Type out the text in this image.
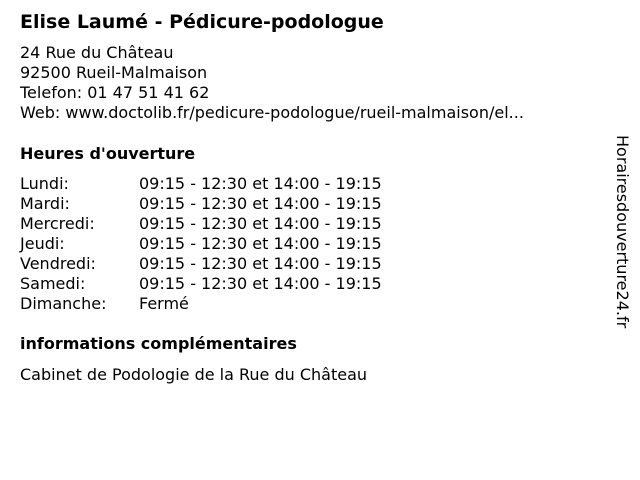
Elise Laumé - Pédicure-podologue
24 Rue du Château
92500 Rueil-Malmaison
Telefon: 01 47 51 41 62
Web: www.doctolib.fr/pedicure-podologue/rueil-malmaison/el...
Heures d'ouverture
Lundi:	09:15 - 12:30 et 14:00 - 19:15
Mardi:	09:15 - 12:30 et 14:00 - 19:15
Mercredi:	09:15 - 12:30 et 14:00 - 19:15
Jeudi:	09:15 - 12:30 et 14:00 - 19:15
Vendredi:	09:15 - 12:30 et 14:00 - 19:15
Samedi:	09:15 - 12:30 et 14:00 - 19:15
Dimanche: Fermé
informations complémentaires
Cabinet de Podologie de la Rue du Château
Horairesdouverture24.fr
